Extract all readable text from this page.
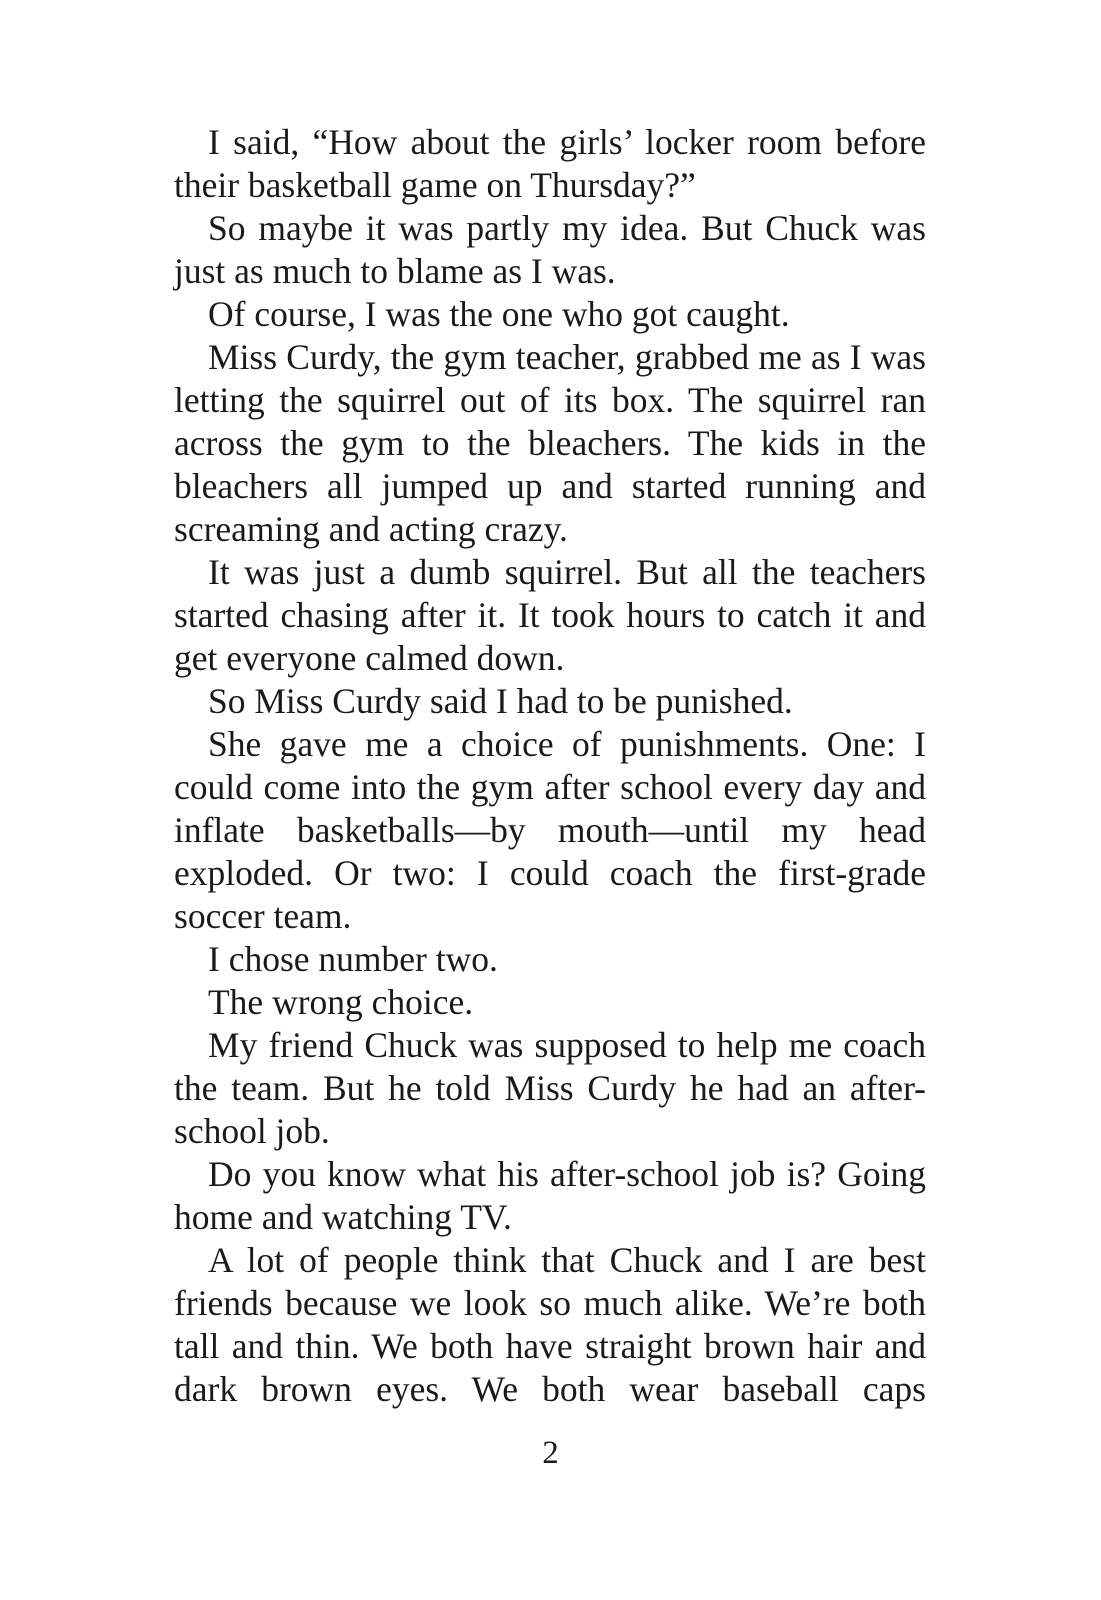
I said, “How about the girls’ locker room before their basketball game on Thursday?”

So maybe it was partly my idea. But Chuck was just as much to blame as I was.

Of course, I was the one who got caught.

Miss Curdy, the gym teacher, grabbed me as I was letting the squirrel out of its box. The squirrel ran across the gym to the bleachers. The kids in the bleachers all jumped up and started running and screaming and acting crazy.

It was just a dumb squirrel. But all the teachers started chasing after it. It took hours to catch it and get everyone calmed down.

So Miss Curdy said I had to be punished.

She gave me a choice of punishments. One: I could come into the gym after school every day and inflate basketballs—by mouth—until my head exploded. Or two: I could coach the first-grade soccer team.

I chose number two.

The wrong choice.

My friend Chuck was supposed to help me coach the team. But he told Miss Curdy he had an after-school job.

Do you know what his after-school job is? Going home and watching TV.

A lot of people think that Chuck and I are best friends because we look so much alike. We’re both tall and thin. We both have straight brown hair and dark brown eyes. We both wear baseball caps

2
